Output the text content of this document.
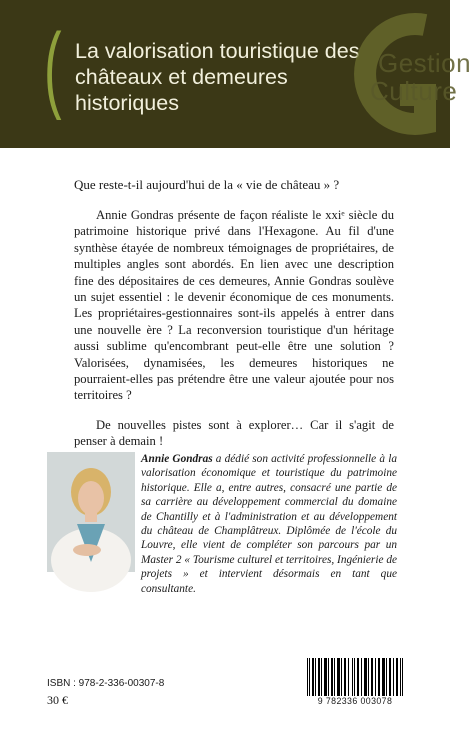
( La valorisation touristique des châteaux et demeures historiques
Gestion
Culture
Que reste-t-il aujourd'hui de la « vie de château » ?

Annie Gondras présente de façon réaliste le xxiᵉ siècle du patrimoine historique privé dans l'Hexagone. Au fil d'une synthèse étayée de nombreux témoignages de propriétaires, de multiples angles sont abordés. En lien avec une description fine des dépositaires de ces demeures, Annie Gondras soulève un sujet essentiel : le devenir économique de ces monuments. Les propriétaires-gestionnaires sont-ils appelés à entrer dans une nouvelle ère ? La reconversion touristique d'un héritage aussi sublime qu'encombrant peut-elle être une solution ? Valorisées, dynamisées, les demeures historiques ne pourraient-elles pas prétendre être une valeur ajoutée pour nos territoires ?

De nouvelles pistes sont à explorer… Car il s'agit de penser à demain !

Annie Gondras a dédié son activité professionnelle à la valorisation économique et touristique du patrimoine historique. Elle a, entre autres, consacré une partie de sa carrière au développement commercial du domaine de Chantilly et à l'administration et au développement du château de Champlâtreux. Diplômée de l'école du Louvre, elle vient de compléter son parcours par un Master 2 « Tourisme culturel et territoires, Ingénierie de projets » et intervient désormais en tant que consultante.
ISBN : 978-2-336-00307-8
30 €	9 782336 003078
